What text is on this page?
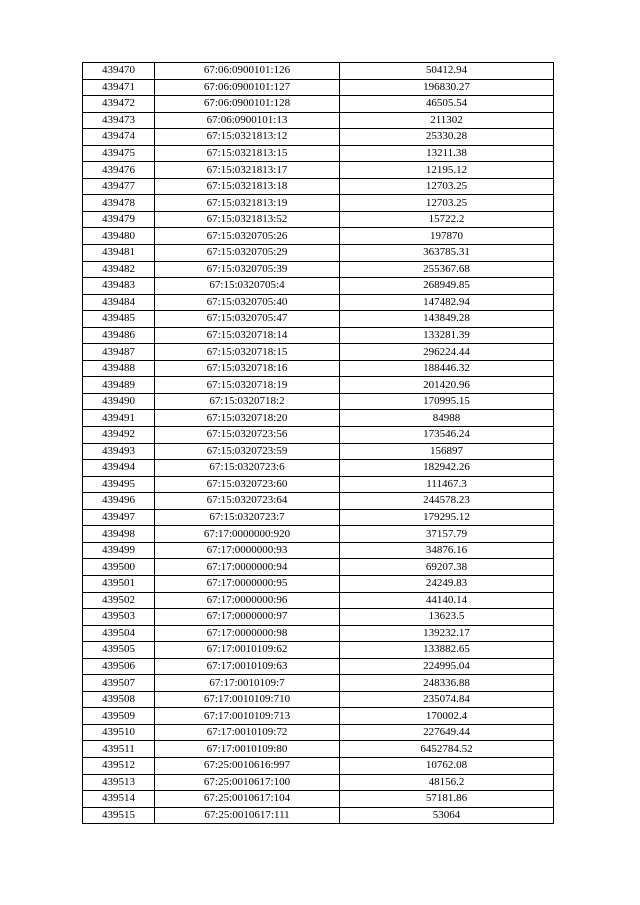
439470	67:06:0900101:126	50412.94
439471	67:06:0900101:127	196830.27
439472	67:06:0900101:128	46505.54
439473	67:06:0900101:13	211302
439474	67:15:0321813:12	25330.28
439475	67:15:0321813:15	13211.38
439476	67:15:0321813:17	12195.12
439477	67:15:0321813:18	12703.25
439478	67:15:0321813:19	12703.25
439479	67:15:0321813:52	15722.2
439480	67:15:0320705:26	197870
439481	67:15:0320705:29	363785.31
439482	67:15:0320705:39	255367.68
439483	67:15:0320705:4	268949.85
439484	67:15:0320705:40	147482.94
439485	67:15:0320705:47	143849.28
439486	67:15:0320718:14	133281.39
439487	67:15:0320718:15	296224.44
439488	67:15:0320718:16	188446.32
439489	67:15:0320718:19	201420.96
439490	67:15:0320718:2	170995.15
439491	67:15:0320718:20	84988
439492	67:15:0320723:56	173546.24
439493	67:15:0320723:59	156897
439494	67:15:0320723:6	182942.26
439495	67:15:0320723:60	111467.3
439496	67:15:0320723:64	244578.23
439497	67:15:0320723:7	179295.12
439498	67:17:0000000:920	37157.79
439499	67:17:0000000:93	34876.16
439500	67:17:0000000:94	69207.38
439501	67:17:0000000:95	24249.83
439502	67:17:0000000:96	44140.14
439503	67:17:0000000:97	13623.5
439504	67:17:0000000:98	139232.17
439505	67:17:0010109:62	133882.65
439506	67:17:0010109:63	224995.04
439507	67:17:0010109:7	248336.88
439508	67:17:0010109:710	235074.84
439509	67:17:0010109:713	170002.4
439510	67:17:0010109:72	227649.44
439511	67:17:0010109:80	6452784.52
439512	67:25:0010616:997	10762.08
439513	67:25:0010617:100	48156.2
439514	67:25:0010617:104	57181.86
439515	67:25:0010617:111	53064
